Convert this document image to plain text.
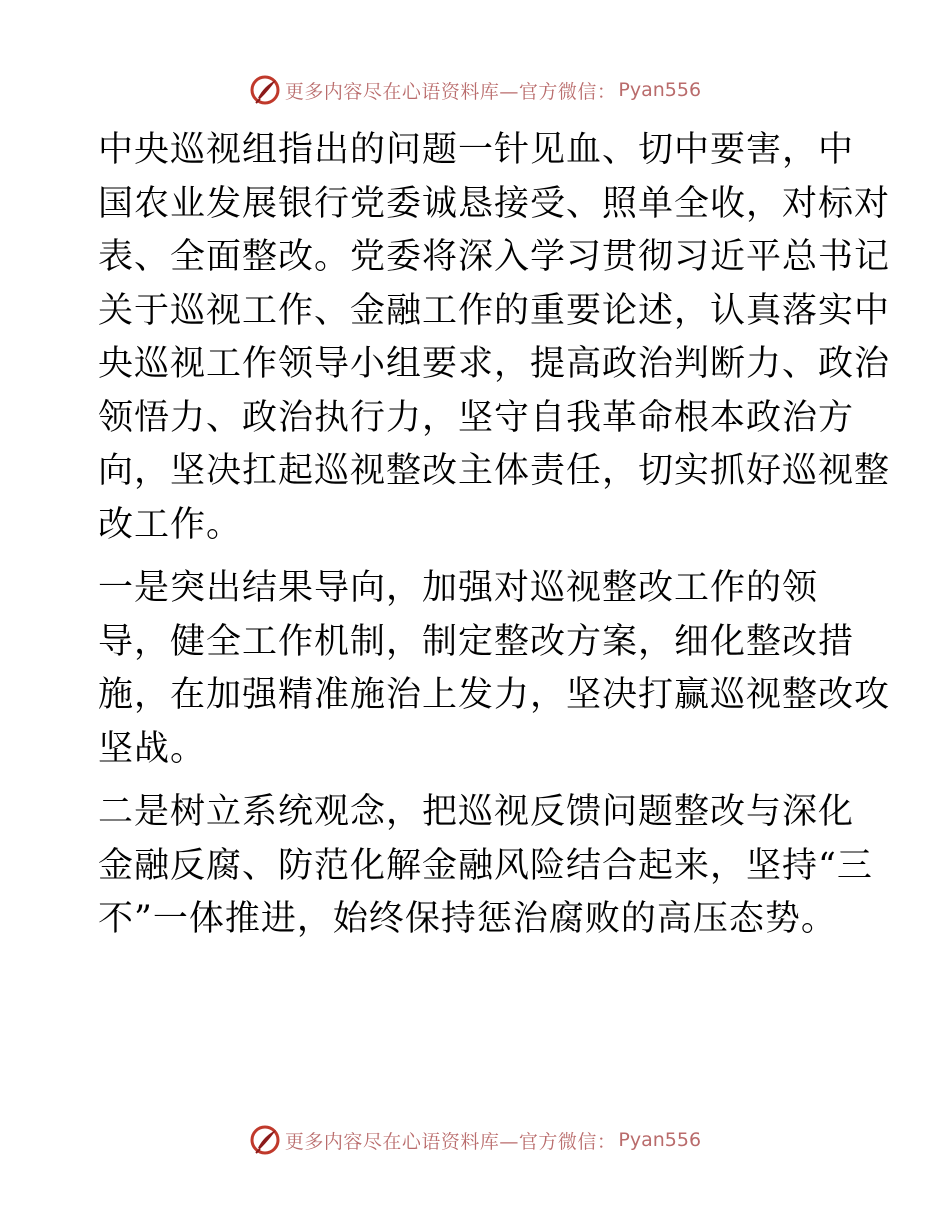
更多内容尽在心语资料库—官方微信： Pyan556

中央巡视组指出的问题一针见血、切中要害，中
国农业发展银行党委诚恳接受、照单全收，对标对
表、全面整改。党委将深入学习贯彻习近平总书记
关于巡视工作、金融工作的重要论述，认真落实中
央巡视工作领导小组要求，提高政治判断力、政治
领悟力、政治执行力，坚守自我革命根本政治方
向，坚决扛起巡视整改主体责任，切实抓好巡视整
改工作。

一是突出结果导向，加强对巡视整改工作的领
导，健全工作机制，制定整改方案，细化整改措
施，在加强精准施治上发力，坚决打赢巡视整改攻
坚战。

二是树立系统观念，把巡视反馈问题整改与深化
金融反腐、防范化解金融风险结合起来，坚持“三
不”一体推进，始终保持惩治腐败的高压态势。

更多内容尽在心语资料库—官方微信： Pyan556
